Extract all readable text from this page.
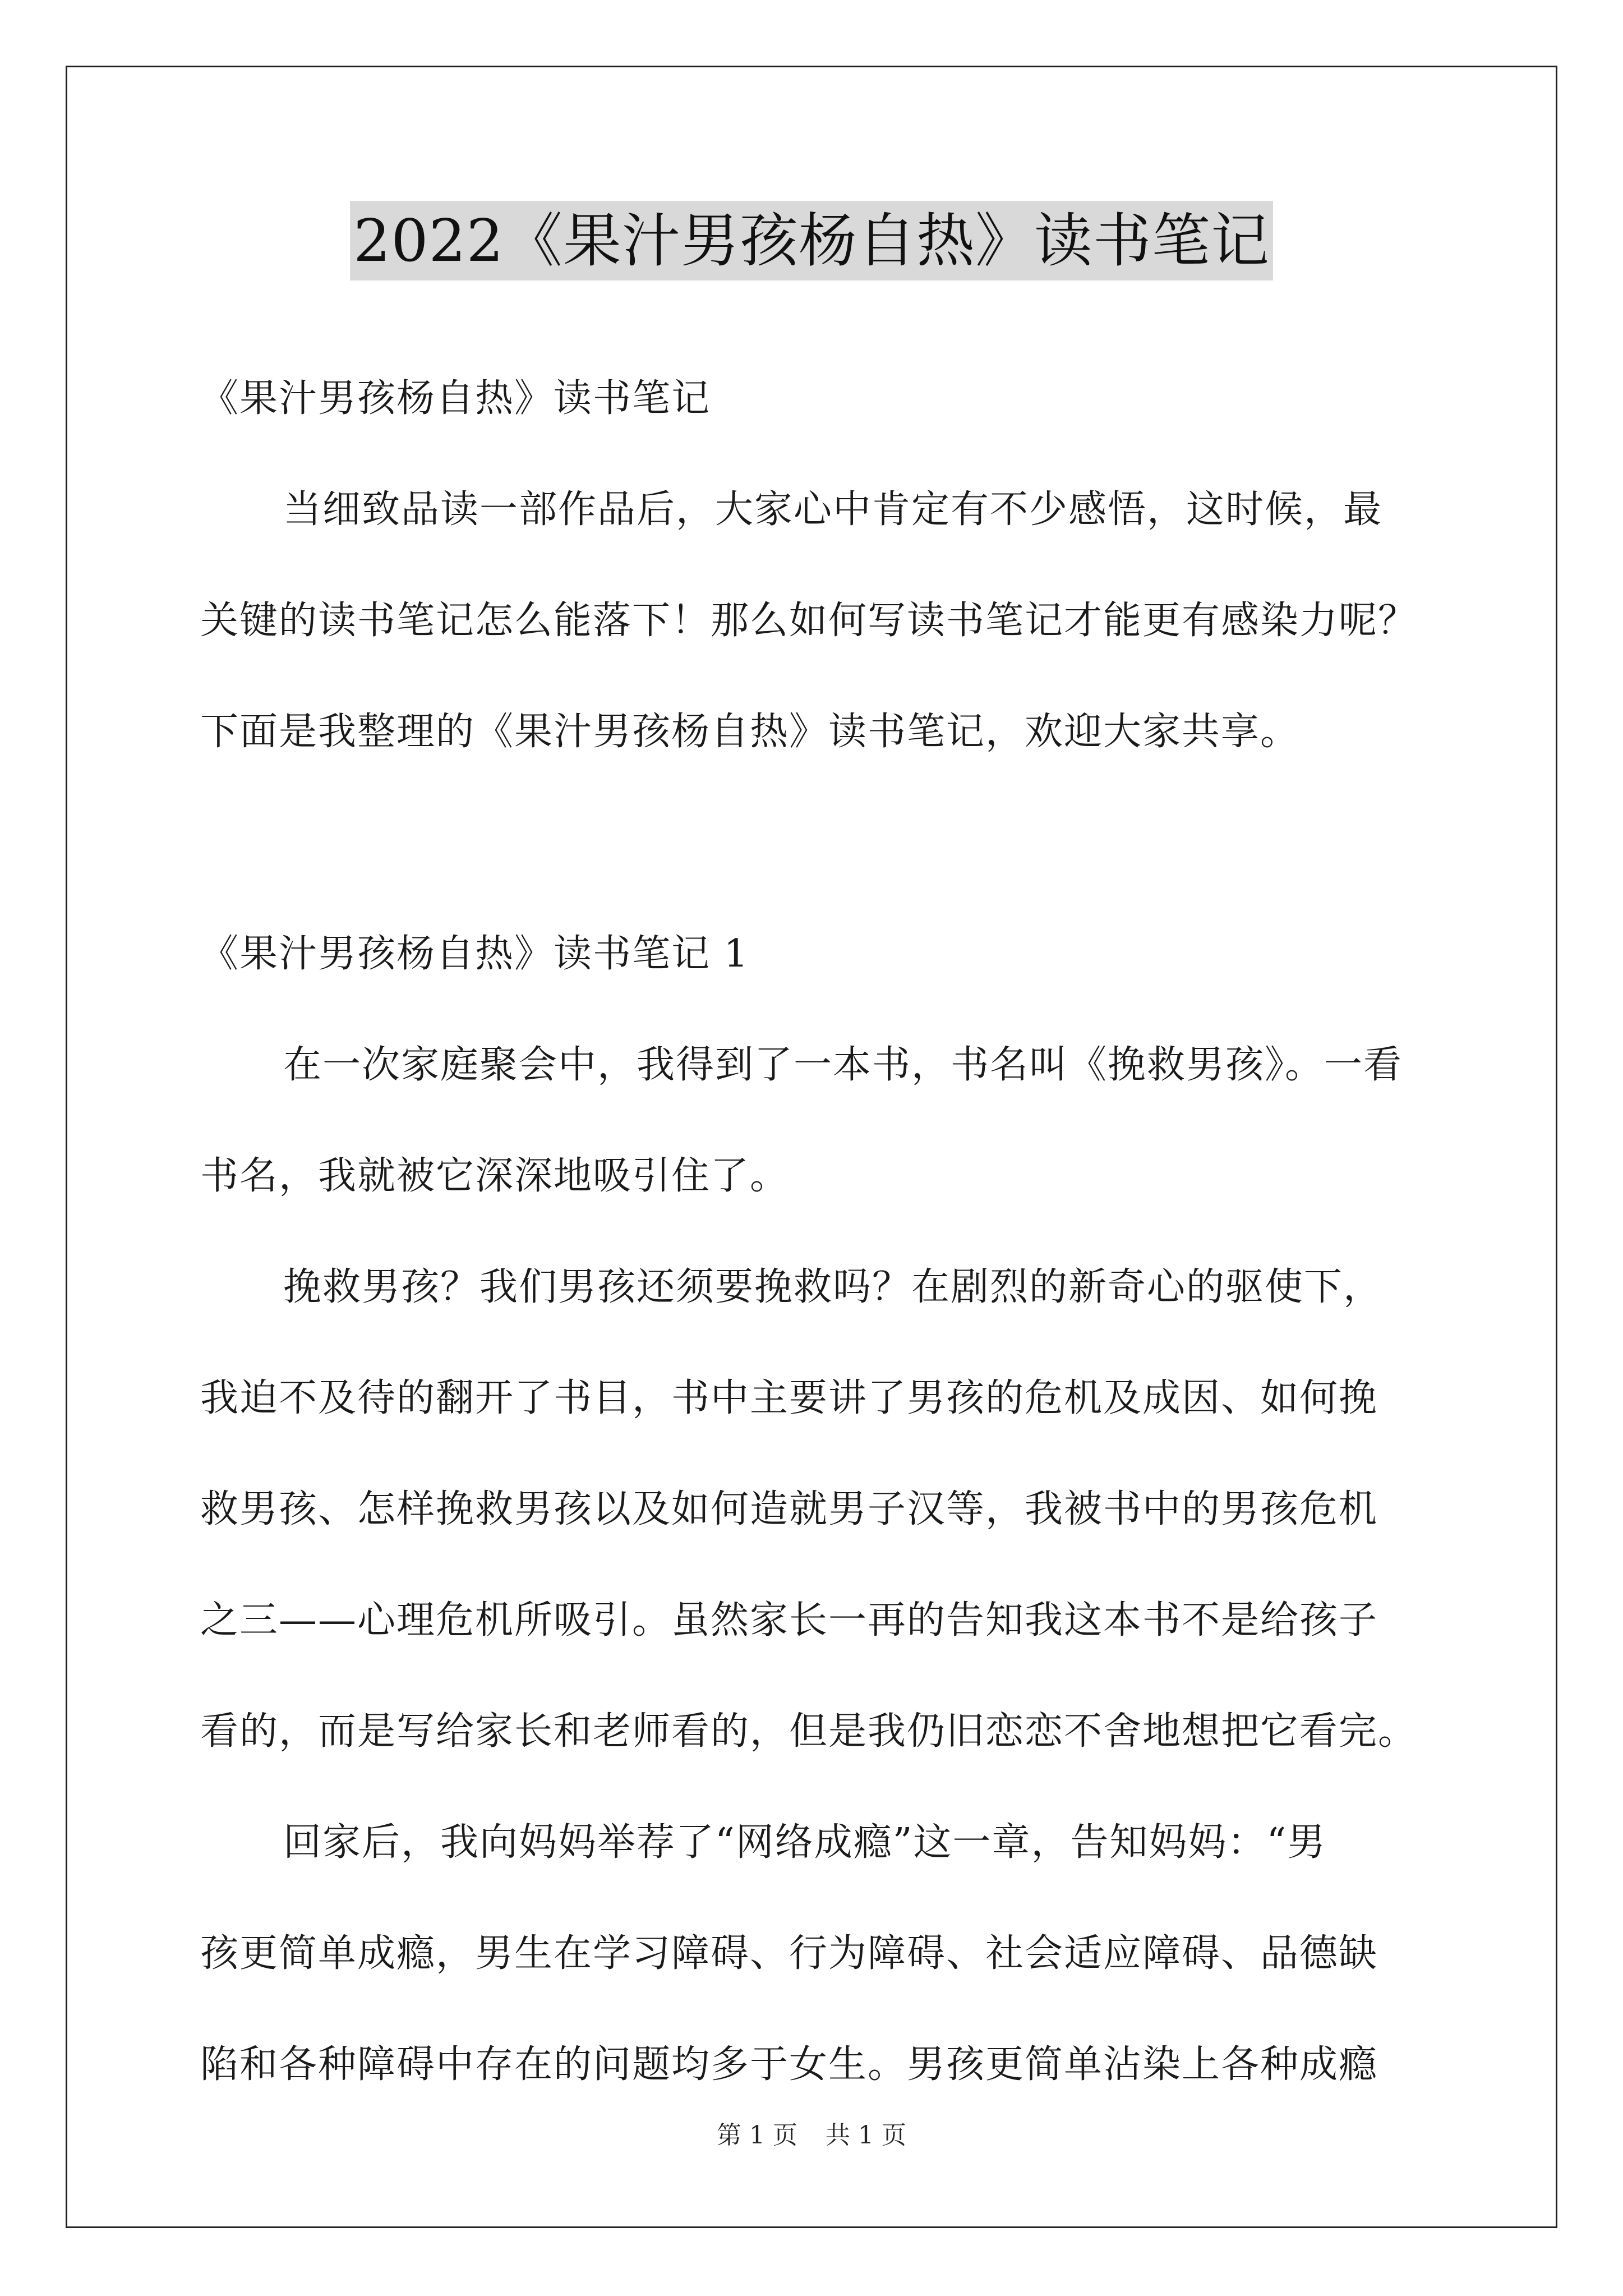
2022《果汁男孩杨自热》读书笔记

《果汁男孩杨自热》读书笔记

当细致品读一部作品后，大家心中肯定有不少感悟，这时候，最
关键的读书笔记怎么能落下！那么如何写读书笔记才能更有感染力呢？
下面是我整理的《果汁男孩杨自热》读书笔记，欢迎大家共享。

《果汁男孩杨自热》读书笔记 1

在一次家庭聚会中，我得到了一本书，书名叫《挽救男孩》。一看
书名，我就被它深深地吸引住了。

挽救男孩？我们男孩还须要挽救吗？在剧烈的新奇心的驱使下，
我迫不及待的翻开了书目，书中主要讲了男孩的危机及成因、如何挽
救男孩、怎样挽救男孩以及如何造就男子汉等，我被书中的男孩危机
之三——心理危机所吸引。虽然家长一再的告知我这本书不是给孩子
看的，而是写给家长和老师看的，但是我仍旧恋恋不舍地想把它看完。

回家后，我向妈妈举荐了“网络成瘾”这一章，告知妈妈：“男
孩更简单成瘾，男生在学习障碍、行为障碍、社会适应障碍、品德缺
陷和各种障碍中存在的问题均多于女生。男孩更简单沾染上各种成瘾

第 1 页 共 1 页
